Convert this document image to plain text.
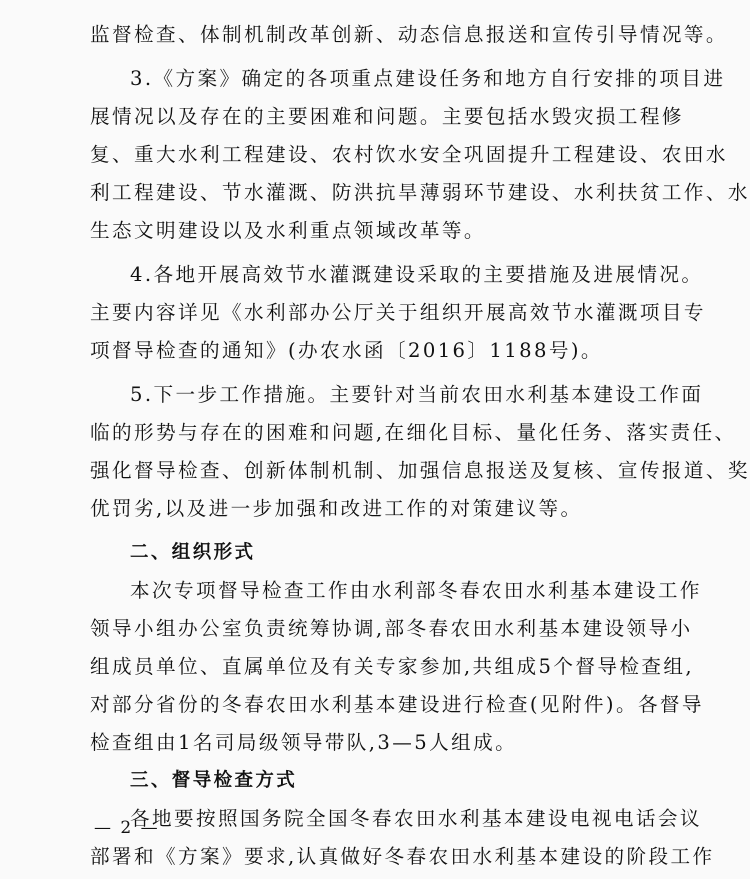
监督检查、体制机制改革创新、动态信息报送和宣传引导情况等。
3.《方案》确定的各项重点建设任务和地方自行安排的项目进
展情况以及存在的主要困难和问题。主要包括水毁灾损工程修
复、重大水利工程建设、农村饮水安全巩固提升工程建设、农田水
利工程建设、节水灌溉、防洪抗旱薄弱环节建设、水利扶贫工作、水
生态文明建设以及水利重点领域改革等。
4.各地开展高效节水灌溉建设采取的主要措施及进展情况。
主要内容详见《水利部办公厅关于组织开展高效节水灌溉项目专
项督导检查的通知》(办农水函〔2016〕1188号)。
5.下一步工作措施。主要针对当前农田水利基本建设工作面
临的形势与存在的困难和问题,在细化目标、量化任务、落实责任、
强化督导检查、创新体制机制、加强信息报送及复核、宣传报道、奖
优罚劣,以及进一步加强和改进工作的对策建议等。
二、组织形式
本次专项督导检查工作由水利部冬春农田水利基本建设工作
领导小组办公室负责统筹协调,部冬春农田水利基本建设领导小
组成员单位、直属单位及有关专家参加,共组成5个督导检查组,
对部分省份的冬春农田水利基本建设进行检查(见附件)。各督导
检查组由1名司局级领导带队,3—5人组成。
三、督导检查方式
各地要按照国务院全国冬春农田水利基本建设电视电话会议
部署和《方案》要求,认真做好冬春农田水利基本建设的阶段工作
— 2 —
